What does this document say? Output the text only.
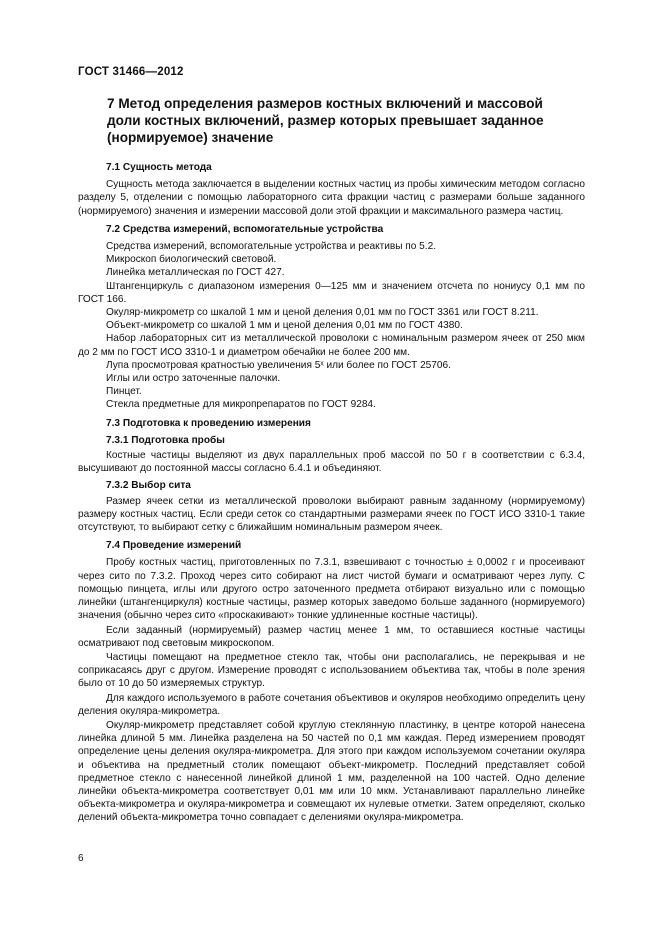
ГОСТ 31466—2012
7 Метод определения размеров костных включений и массовой доли костных включений, размер которых превышает заданное (нормируемое) значение

7.1 Сущность метода

Сущность метода заключается в выделении костных частиц из пробы химическим методом согласно разделу 5, отделении с помощью лабораторного сита фракции частиц с размерами больше заданного (нормируемого) значения и измерении массовой доли этой фракции и максимального размера частиц.

7.2 Средства измерений, вспомогательные устройства

Средства измерений, вспомогательные устройства и реактивы по 5.2.

Микроскоп биологический световой.

Линейка металлическая по ГОСТ 427.

Штангенциркуль с диапазоном измерения 0—125 мм и значением отсчета по нониусу 0,1 мм по ГОСТ 166.

Окуляр-микрометр со шкалой 1 мм и ценой деления 0,01 мм по ГОСТ 3361 или ГОСТ 8.211.

Объект-микрометр со шкалой 1 мм и ценой деления 0,01 мм по ГОСТ 4380.

Набор лабораторных сит из металлической проволоки с номинальным размером ячеек от 250 мкм до 2 мм по ГОСТ ИСО 3310-1 и диаметром обечайки не более 200 мм.

Лупа просмотровая кратностью увеличения 5ˣ или более по ГОСТ 25706.

Иглы или остро заточенные палочки.

Пинцет.

Стекла предметные для микропрепаратов по ГОСТ 9284.

7.3 Подготовка к проведению измерения

7.3.1 Подготовка пробы

Костные частицы выделяют из двух параллельных проб массой по 50 г в соответствии с 6.3.4, высушивают до постоянной массы согласно 6.4.1 и объединяют.

7.3.2 Выбор сита

Размер ячеек сетки из металлической проволоки выбирают равным заданному (нормируемому) размеру костных частиц. Если среди сеток со стандартными размерами ячеек по ГОСТ ИСО 3310-1 такие отсутствуют, то выбирают сетку с ближайшим номинальным размером ячеек.

7.4 Проведение измерений

Пробу костных частиц, приготовленных по 7.3.1, взвешивают с точностью ± 0,0002 г и просеивают через сито по 7.3.2. Проход через сито собирают на лист чистой бумаги и осматривают через лупу. С помощью пинцета, иглы или другого остро заточенного предмета отбирают визуально или с помощью линейки (штангенциркуля) костные частицы, размер которых заведомо больше заданного (нормируемого) значения (обычно через сито «проскакивают» тонкие удлиненные костные частицы).

Если заданный (нормируемый) размер частиц менее 1 мм, то оставшиеся костные частицы осматривают под световым микроскопом.

Частицы помещают на предметное стекло так, чтобы они располагались, не перекрывая и не соприкасаясь друг с другом. Измерение проводят с использованием объектива так, чтобы в поле зрения было от 10 до 50 измеряемых структур.

Для каждого используемого в работе сочетания объективов и окуляров необходимо определить цену деления окуляра-микрометра.

Окуляр-микрометр представляет собой круглую стеклянную пластинку, в центре которой нанесена линейка длиной 5 мм. Линейка разделена на 50 частей по 0,1 мм каждая. Перед измерением проводят определение цены деления окуляра-микрометра. Для этого при каждом используемом сочетании окуляра и объектива на предметный столик помещают объект-микрометр. Последний представляет собой предметное стекло с нанесенной линейкой длиной 1 мм, разделенной на 100 частей. Одно деление линейки объекта-микрометра соответствует 0,01 мм или 10 мкм. Устанавливают параллельно линейке объекта-микрометра и окуляра-микрометра и совмещают их нулевые отметки. Затем определяют, сколько делений объекта-микрометра точно совпадает с делениями окуляра-микрометра.

6
